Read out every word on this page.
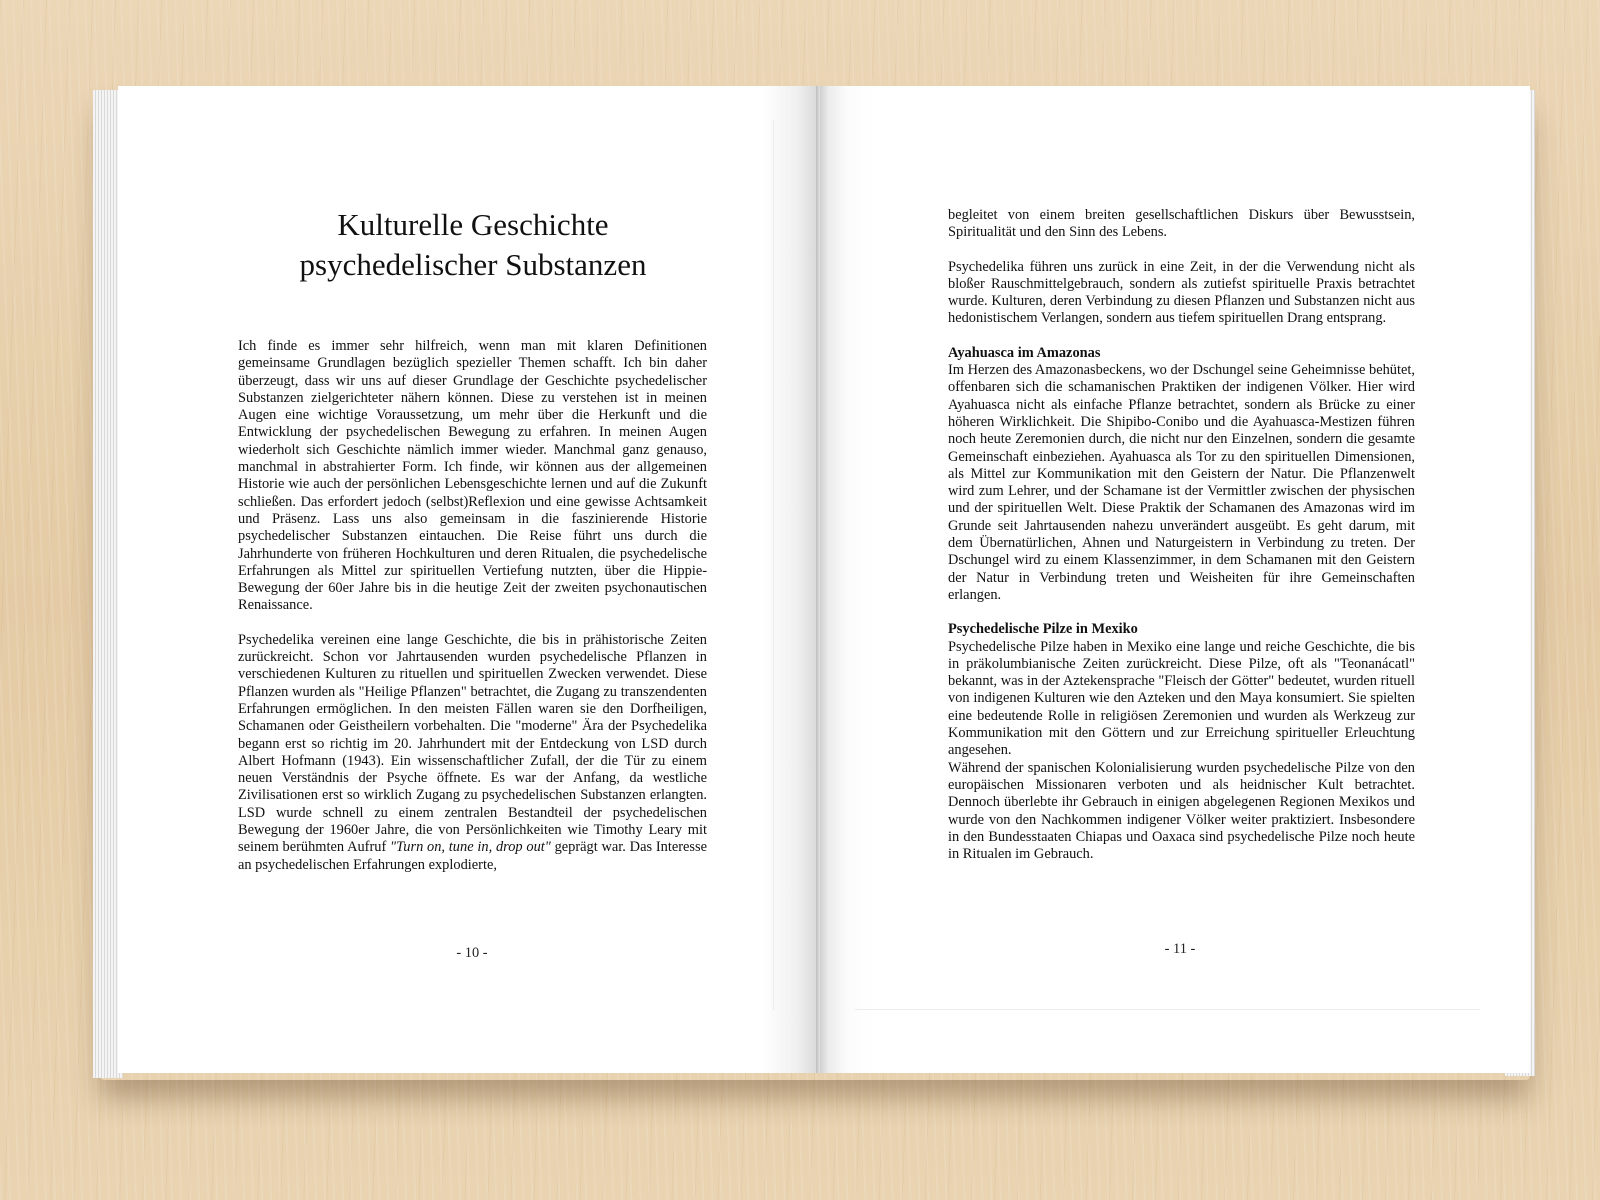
Kulturelle Geschichte
psychedelischer Substanzen

Ich finde es immer sehr hilfreich, wenn man mit klaren Definitionen gemeinsame Grundlagen bezüglich spezieller Themen schafft. Ich bin daher überzeugt, dass wir uns auf dieser Grundlage der Geschichte psychedelischer Substanzen zielgerichteter nähern können. Diese zu verstehen ist in meinen Augen eine wichtige Voraussetzung, um mehr über die Herkunft und die Entwicklung der psychedelischen Bewegung zu erfahren. In meinen Augen wiederholt sich Geschichte nämlich immer wieder. Manchmal ganz genauso, manchmal in abstrahierter Form. Ich finde, wir können aus der allgemeinen Historie wie auch der persönlichen Lebensgeschichte lernen und auf die Zukunft schließen. Das erfordert jedoch (selbst)Reflexion und eine gewisse Achtsamkeit und Präsenz. Lass uns also gemeinsam in die faszinierende Historie psychedelischer Substanzen eintauchen. Die Reise führt uns durch die Jahrhunderte von früheren Hochkulturen und deren Ritualen, die psychedelische Erfahrungen als Mittel zur spirituellen Vertiefung nutzten, über die Hippie-Bewegung der 60er Jahre bis in die heutige Zeit der zweiten psychonautischen Renaissance.

Psychedelika vereinen eine lange Geschichte, die bis in prähistorische Zeiten zurückreicht. Schon vor Jahrtausenden wurden psychedelische Pflanzen in verschiedenen Kulturen zu rituellen und spirituellen Zwecken verwendet. Diese Pflanzen wurden als "Heilige Pflanzen" betrachtet, die Zugang zu transzendenten Erfahrungen ermöglichen. In den meisten Fällen waren sie den Dorfheiligen, Schamanen oder Geistheilern vorbehalten. Die "moderne" Ära der Psychedelika begann erst so richtig im 20. Jahrhundert mit der Entdeckung von LSD durch Albert Hofmann (1943). Ein wissenschaftlicher Zufall, der die Tür zu einem neuen Verständnis der Psyche öffnete. Es war der Anfang, da westliche Zivilisationen erst so wirklich Zugang zu psychedelischen Substanzen erlangten. LSD wurde schnell zu einem zentralen Bestandteil der psychedelischen Bewegung der 1960er Jahre, die von Persönlichkeiten wie Timothy Leary mit seinem berühmten Aufruf "Turn on, tune in, drop out" geprägt war. Das Interesse an psychedelischen Erfahrungen explodierte,

- 10 -

begleitet von einem breiten gesellschaftlichen Diskurs über Bewusstsein, Spiritualität und den Sinn des Lebens.

Psychedelika führen uns zurück in eine Zeit, in der die Verwendung nicht als bloßer Rauschmittelgebrauch, sondern als zutiefst spirituelle Praxis betrachtet wurde. Kulturen, deren Verbindung zu diesen Pflanzen und Substanzen nicht aus hedonistischem Verlangen, sondern aus tiefem spirituellen Drang entsprang.

Ayahuasca im Amazonas

Im Herzen des Amazonasbeckens, wo der Dschungel seine Geheimnisse behütet, offenbaren sich die schamanischen Praktiken der indigenen Völker. Hier wird Ayahuasca nicht als einfache Pflanze betrachtet, sondern als Brücke zu einer höheren Wirklichkeit. Die Shipibo-Conibo und die Ayahuasca-Mestizen führen noch heute Zeremonien durch, die nicht nur den Einzelnen, sondern die gesamte Gemeinschaft einbeziehen. Ayahuasca als Tor zu den spirituellen Dimensionen, als Mittel zur Kommunikation mit den Geistern der Natur. Die Pflanzenwelt wird zum Lehrer, und der Schamane ist der Vermittler zwischen der physischen und der spirituellen Welt. Diese Praktik der Schamanen des Amazonas wird im Grunde seit Jahrtausenden nahezu unverändert ausgeübt. Es geht darum, mit dem Übernatürlichen, Ahnen und Naturgeistern in Verbindung zu treten. Der Dschungel wird zu einem Klassenzimmer, in dem Schamanen mit den Geistern der Natur in Verbindung treten und Weisheiten für ihre Gemeinschaften erlangen.

Psychedelische Pilze in Mexiko

Psychedelische Pilze haben in Mexiko eine lange und reiche Geschichte, die bis in präkolumbianische Zeiten zurückreicht. Diese Pilze, oft als "Teonanácatl" bekannt, was in der Aztekensprache "Fleisch der Götter" bedeutet, wurden rituell von indigenen Kulturen wie den Azteken und den Maya konsumiert. Sie spielten eine bedeutende Rolle in religiösen Zeremonien und wurden als Werkzeug zur Kommunikation mit den Göttern und zur Erreichung spiritueller Erleuchtung angesehen.

Während der spanischen Kolonialisierung wurden psychedelische Pilze von den europäischen Missionaren verboten und als heidnischer Kult betrachtet. Dennoch überlebte ihr Gebrauch in einigen abgelegenen Regionen Mexikos und wurde von den Nachkommen indigener Völker weiter praktiziert. Insbesondere in den Bundesstaaten Chiapas und Oaxaca sind psychedelische Pilze noch heute in Ritualen im Gebrauch.

- 11 -
